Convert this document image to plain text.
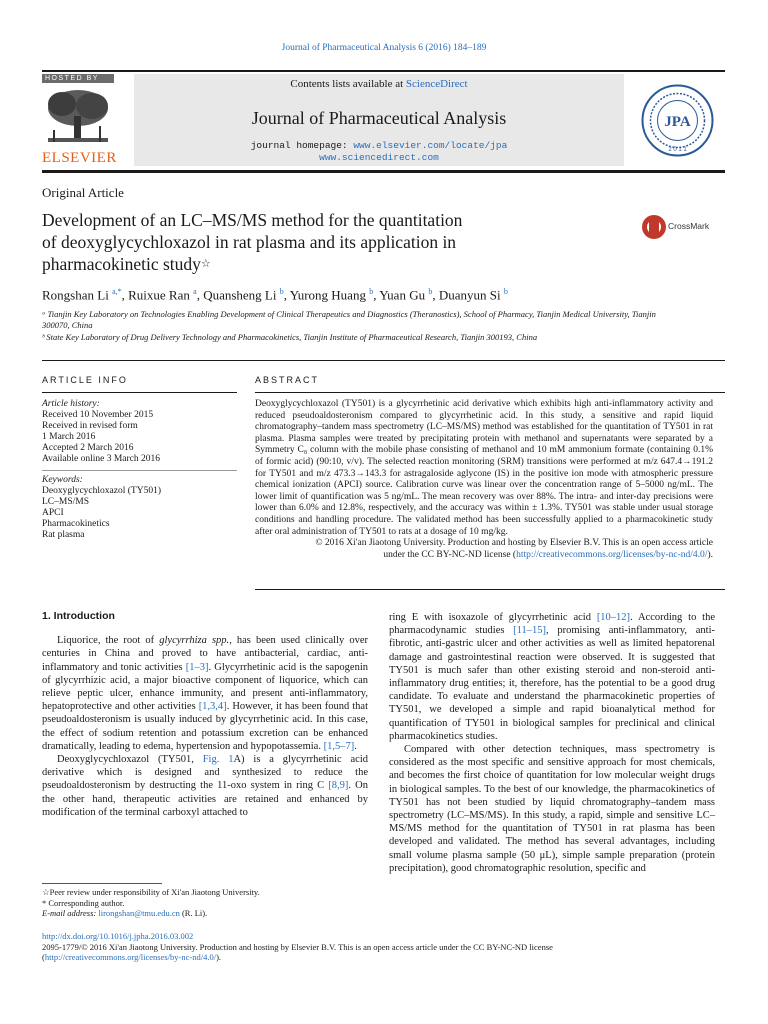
Journal of Pharmaceutical Analysis 6 (2016) 184–189
HOSTED BY
ELSEVIER
Contents lists available at ScienceDirect
Journal of Pharmaceutical Analysis
journal homepage: www.elsevier.com/locate/jpa
www.sciencedirect.com
JPA
2 0 1 1
Original Article
Development of an LC–MS/MS method for the quantitation
of deoxyglycychloxazol in rat plasma and its application in
pharmacokinetic study☆
CrossMark
Rongshan Li $^{a,*}$, Ruixue Ran $^a$, Quansheng Li $^b$, Yurong Huang $^b$, Yuan Gu $^b$, Duanyun Si $^b$
ᵃ Tianjin Key Laboratory on Technologies Enabling Development of Clinical Therapeutics and Diagnostics (Theranostics), School of Pharmacy, Tianjin Medical University, Tianjin 300070, China
ᵇ State Key Laboratory of Drug Delivery Technology and Pharmacokinetics, Tianjin Institute of Pharmaceutical Research, Tianjin 300193, China
ARTICLE INFO	ABSTRACT
Article history:
Received 10 November 2015
Received in revised form
1 March 2016
Accepted 2 March 2016
Available online 3 March 2016
Keywords:
Deoxyglycychloxazol (TY501)
LC–MS/MS
APCI
Pharmacokinetics
Rat plasma
Deoxyglycychloxazol (TY501) is a glycyrrhetinic acid derivative which exhibits high anti-inflammatory activity and reduced pseudoaldosteronism compared to glycyrrhetinic acid. In this study, a sensitive and rapid liquid chromatography–tandem mass spectrometry (LC–MS/MS) method was established for the quantitation of TY501 in rat plasma. Plasma samples were treated by precipitating protein with methanol and supernatants were separated by a Symmetry C₈ column with the mobile phase consisting of methanol and 10 mM ammonium formate (containing 0.1% of formic acid) (90:10, v/v). The selected reaction monitoring (SRM) transitions were performed at m/z 647.4→191.2 for TY501 and m/z 473.3→143.3 for astragaloside aglycone (IS) in the positive ion mode with atmospheric pressure chemical ionization (APCI) source. Calibration curve was linear over the concentration range of 5–5000 ng/mL. The lower limit of quantification was 5 ng/mL. The mean recovery was over 88%. The intra- and inter-day precisions were lower than 6.0% and 12.8%, respectively, and the accuracy was within ± 1.3%. TY501 was stable under usual storage conditions and handling procedure. The validated method has been successfully applied to a pharmacokinetic study after oral administration of TY501 to rats at a dosage of 10 mg/kg.
© 2016 Xi'an Jiaotong University. Production and hosting by Elsevier B.V. This is an open access article
under the CC BY-NC-ND license (http://creativecommons.org/licenses/by-nc-nd/4.0/).
1. Introduction

Liquorice, the root of glycyrrhiza spp., has been used clinically over centuries in China and proved to have antibacterial, cardiac, anti-inflammatory and tonic activities [1–3]. Glycyrrhetinic acid is the sapogenin of glycyrrhizic acid, a major bioactive component of liquorice, which can relieve peptic ulcer, enhance immunity, and present anti-inflammatory, hepatoprotective and other activities [1,3,4]. However, it has been found that pseudoaldosteronism is usually induced by glycyrrhetinic acid. In this case, the effect of sodium retention and potassium excretion can be enhanced dramatically, leading to edema, hypertension and hypopotassemia. [1,5–7].

Deoxyglycychloxazol (TY501, Fig. 1A) is a glycyrrhetinic acid derivative which is designed and synthesized to reduce the pseudoaldosteronism by destructing the 11-oxo system in ring C [8,9]. On the other hand, therapeutic activities are retained and enhanced by modification of the terminal carboxyl attached to

ring E with isoxazole of glycyrrhetinic acid [10–12]. According to the pharmacodynamic studies [11–15], promising anti-inflammatory, anti-fibrotic, anti-gastric ulcer and other activities as well as limited hepatorenal damage and gastrointestinal reaction were observed. It is suggested that TY501 is much safer than other existing steroid and non-steroid anti-inflammatory drug entities; it, therefore, has the potential to be a good drug candidate. To evaluate and understand the pharmacokinetic properties of TY501, we developed a simple and rapid bioanalytical method for quantification of TY501 in biological samples for preclinical and clinical pharmacokinetics studies.

Compared with other detection techniques, mass spectrometry is considered as the most specific and sensitive approach for most chemicals, and becomes the first choice of quantitation for low molecular weight drugs in biological samples. To the best of our knowledge, the pharmacokinetics of TY501 has not been studied by liquid chromatography–tandem mass spectrometry (LC–MS/MS). In this study, a rapid, simple and sensitive LC–MS/MS method for the quantitation of TY501 in rat plasma has been developed and validated. The method has several advantages, including small volume plasma sample (50 μL), simple sample preparation (protein precipitation), good chromatographic resolution, specific and

☆Peer review under responsibility of Xi'an Jiaotong University.
* Corresponding author.
E-mail address: lirongshan@tmu.edu.cn (R. Li).
http://dx.doi.org/10.1016/j.jpha.2016.03.002
2095-1779/© 2016 Xi'an Jiaotong University. Production and hosting by Elsevier B.V. This is an open access article under the CC BY-NC-ND license
(http://creativecommons.org/licenses/by-nc-nd/4.0/).
